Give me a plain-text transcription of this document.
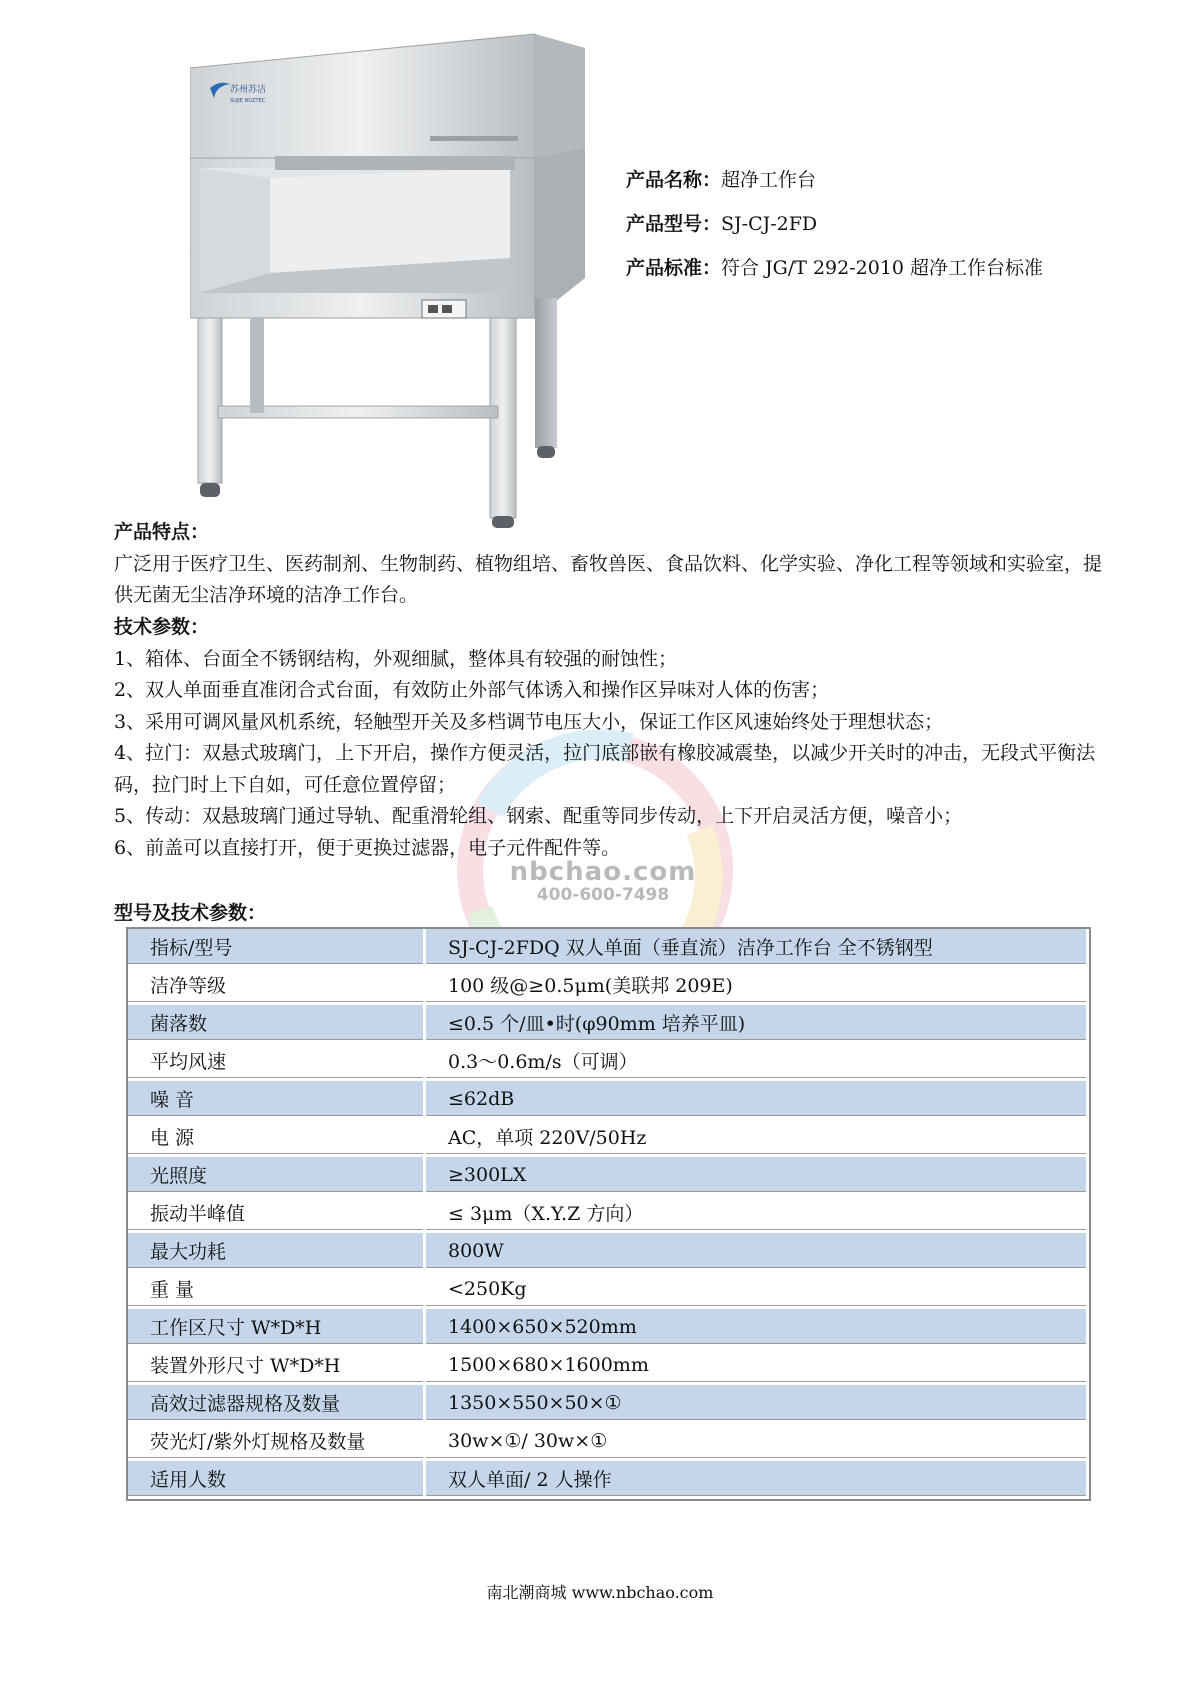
苏州苏洁
SUJIE NDZTEC
产品名称：超净工作台
产品型号：SJ-CJ-2FD
产品标准：符合 JG/T 292-2010 超净工作台标准
产品特点：
广泛用于医疗卫生、医药制剂、生物制药、植物组培、畜牧兽医、食品饮料、化学实验、净化工程等领域和实验室，提供无菌无尘洁净环境的洁净工作台。
技术参数：
1、箱体、台面全不锈钢结构，外观细腻，整体具有较强的耐蚀性；
2、双人单面垂直准闭合式台面，有效防止外部气体诱入和操作区异味对人体的伤害；
3、采用可调风量风机系统，轻触型开关及多档调节电压大小，保证工作区风速始终处于理想状态；
4、拉门：双悬式玻璃门，上下开启，操作方便灵活，拉门底部嵌有橡胶减震垫，以减少开关时的冲击，无段式平衡法码，拉门时上下自如，可任意位置停留；
5、传动：双悬玻璃门通过导轨、配重滑轮组、钢索、配重等同步传动，上下开启灵活方便，噪音小；
6、前盖可以直接打开，便于更换过滤器，电子元件配件等。
型号及技术参数：
指标/型号	SJ-CJ-2FDQ 双人单面（垂直流）洁净工作台 全不锈钢型
洁净等级	100 级@≥0.5μm(美联邦 209E)
菌落数	≤0.5 个/皿•时(φ90mm 培养平皿)
平均风速	0.3～0.6m/s（可调）
噪 音	≤62dB
电 源	AC，单项 220V/50Hz
光照度	≥300LX
振动半峰值	≤ 3μm（X.Y.Z 方向）
最大功耗	800W
重 量	<250Kg
工作区尺寸 W*D*H	1400×650×520mm
装置外形尺寸 W*D*H	1500×680×1600mm
高效过滤器规格及数量	1350×550×50×①
荧光灯/紫外灯规格及数量	30w×①/ 30w×①
适用人数	双人单面/ 2 人操作
nbchao.com
400-600-7498
南北潮商城 www.nbchao.com
